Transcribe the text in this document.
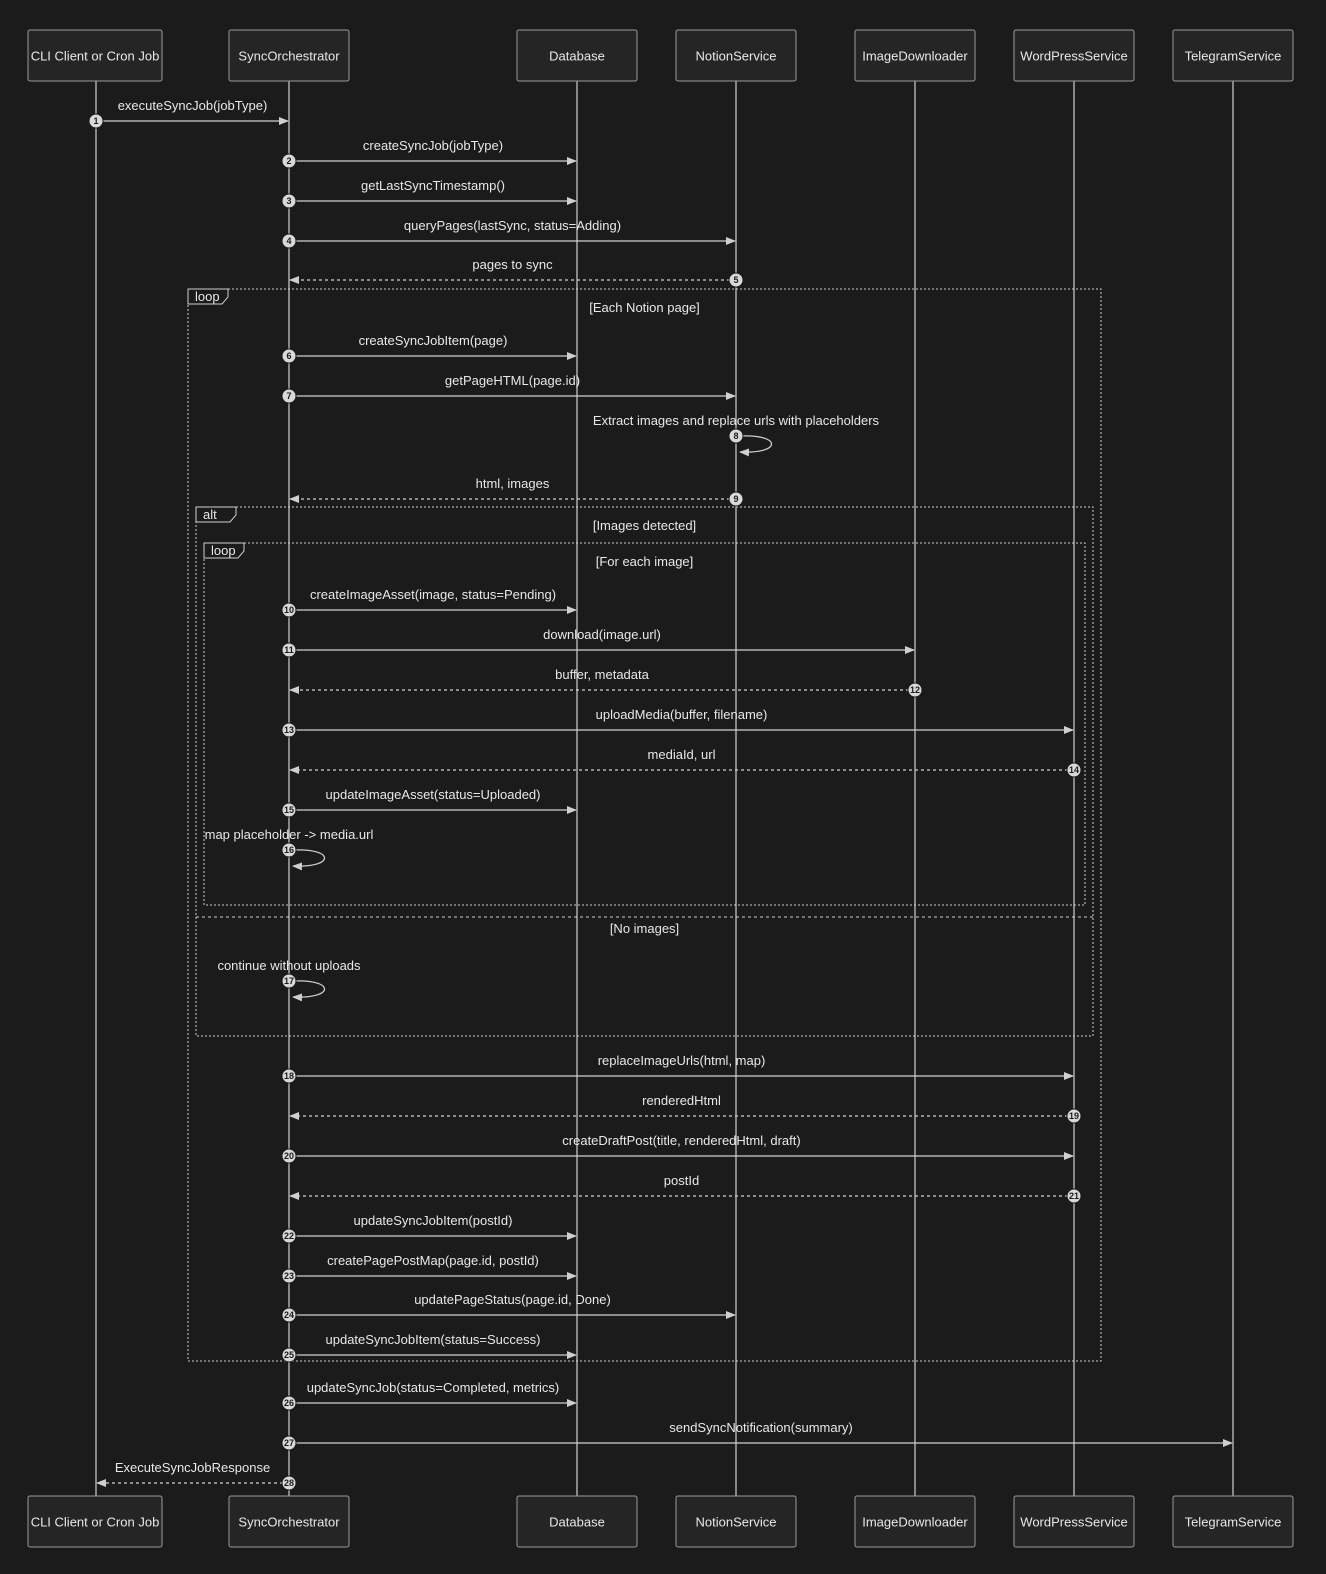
loop
[Each Notion page]
alt
[Images detected]
[No images]
loop
[For each image]
executeSyncJob(jobType)
1
createSyncJob(jobType)
2
getLastSyncTimestamp()
3
queryPages(lastSync, status=Adding)
4
pages to sync
5
createSyncJobItem(page)
6
getPageHTML(page.id)
7
Extract images and replace urls with placeholders
8
html, images
9
createImageAsset(image, status=Pending)
10
download(image.url)
11
buffer, metadata
12
uploadMedia(buffer, filename)
13
mediaId, url
14
updateImageAsset(status=Uploaded)
15
map placeholder -> media.url
16
continue without uploads
17
replaceImageUrls(html, map)
18
renderedHtml
19
createDraftPost(title, renderedHtml, draft)
20
postId
21
updateSyncJobItem(postId)
22
createPagePostMap(page.id, postId)
23
updatePageStatus(page.id, Done)
24
updateSyncJobItem(status=Success)
25
updateSyncJob(status=Completed, metrics)
26
sendSyncNotification(summary)
27
ExecuteSyncJobResponse
28
CLI Client or Cron Job
CLI Client or Cron Job
SyncOrchestrator
SyncOrchestrator
Database
Database
NotionService
NotionService
ImageDownloader
ImageDownloader
WordPressService
WordPressService
TelegramService
TelegramService
